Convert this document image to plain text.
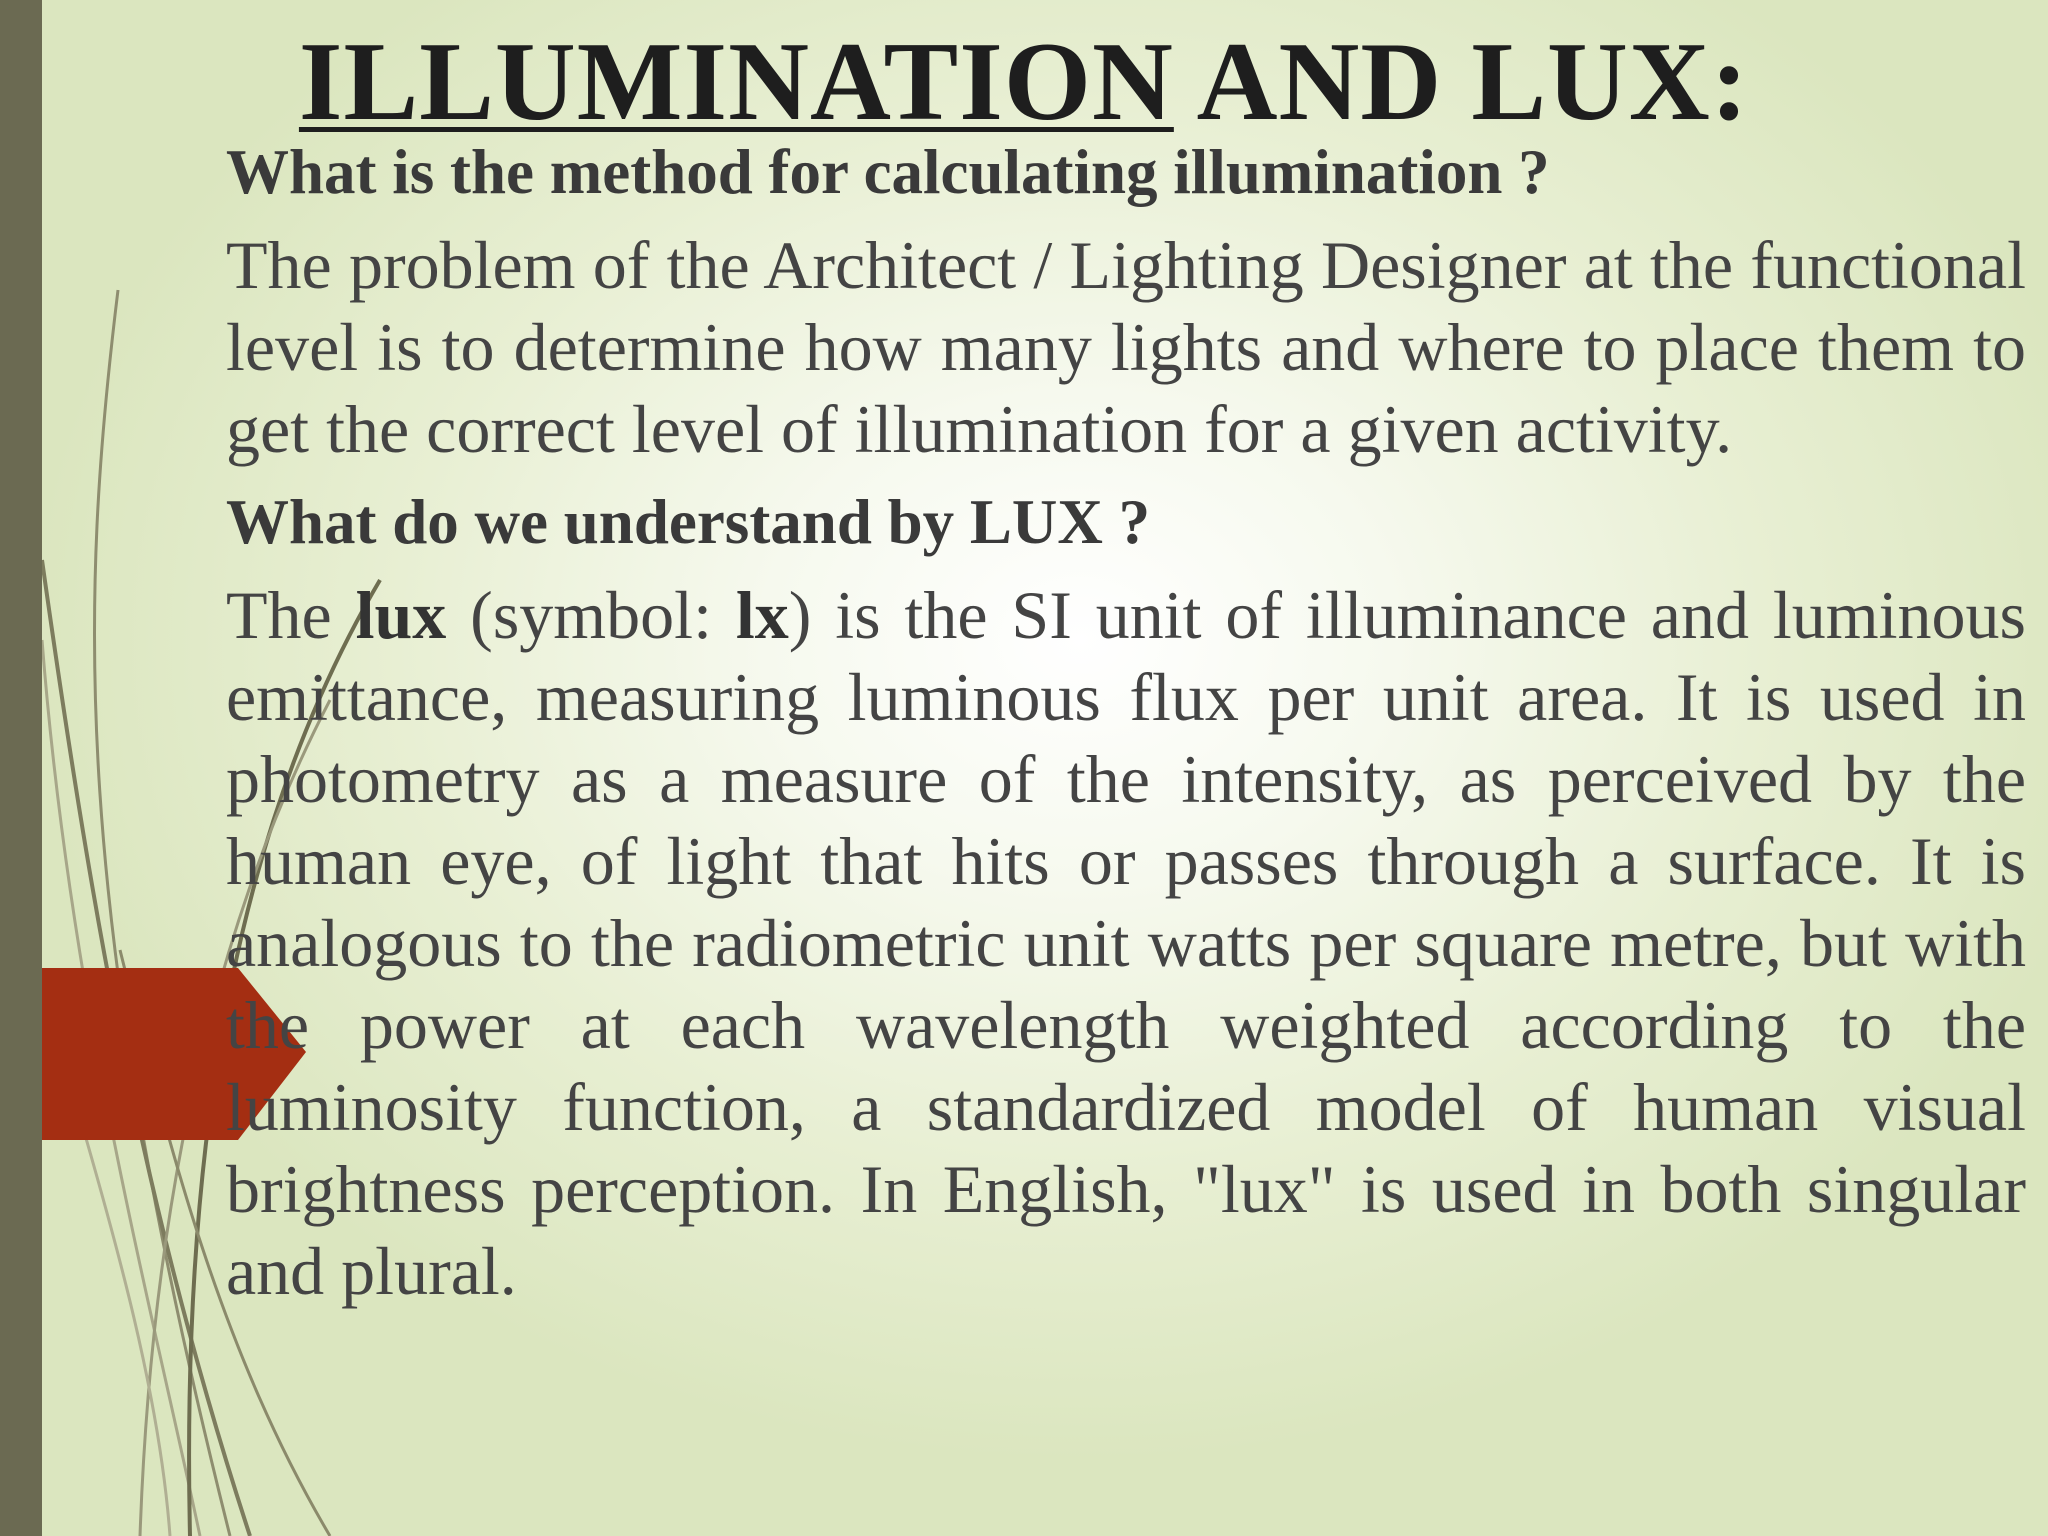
ILLUMINATION AND LUX:

What is the method for calculating illumination ?

The problem of the Architect / Lighting Designer at the functional level is to determine how many lights and where to place them to get the correct level of illumination for a given activity.

What do we understand by LUX ?

The lux (symbol: lx) is the SI unit of illuminance and luminous emittance, measuring luminous flux per unit area. It is used in photometry as a measure of the intensity, as perceived by the human eye, of light that hits or passes through a surface. It is analogous to the radiometric unit watts per square metre, but with the power at each wavelength weighted according to the luminosity function, a standardized model of human visual brightness perception. In English, "lux" is used in both singular and plural.
